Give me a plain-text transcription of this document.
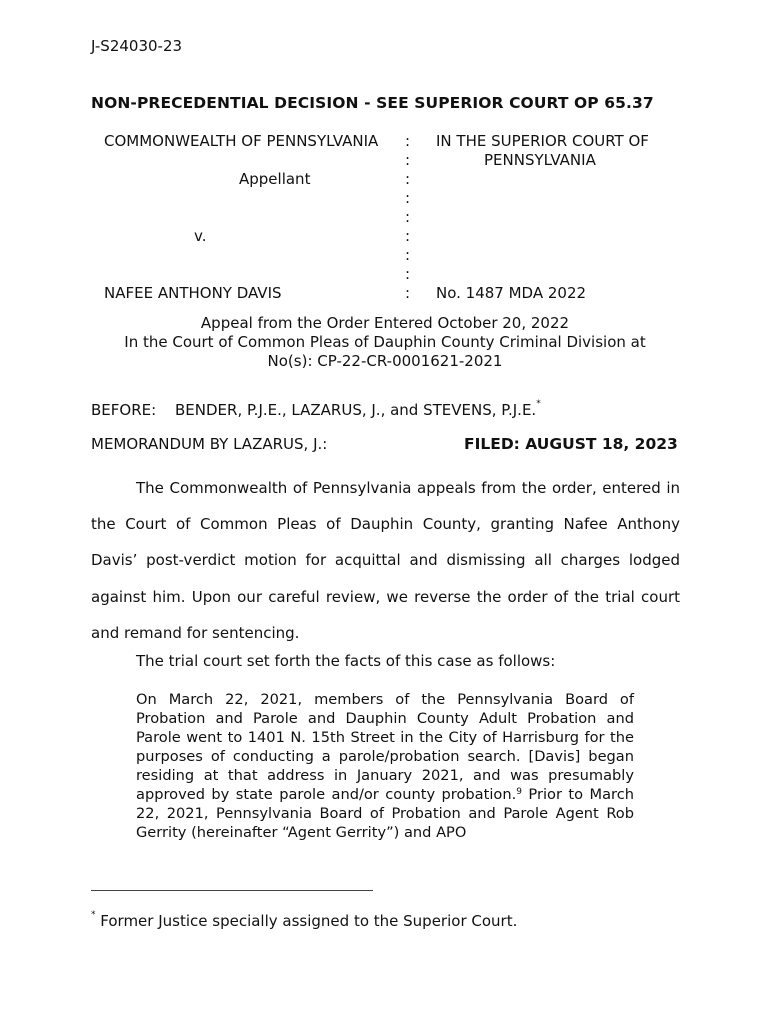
J-S24030-23
NON-PRECEDENTIAL DECISION - SEE SUPERIOR COURT OP 65.37
COMMONWEALTH OF PENNSYLVANIA
Appellant
v.
NAFEE ANTHONY DAVIS
:
:
:
:
:
:
:
:
:
IN THE SUPERIOR COURT OF
PENNSYLVANIA
No. 1487 MDA 2022
Appeal from the Order Entered October 20, 2022
In the Court of Common Pleas of Dauphin County Criminal Division at
No(s): CP-22-CR-0001621-2021
BEFORE: BENDER, P.J.E., LAZARUS, J., and STEVENS, P.J.E.*
MEMORANDUM BY LAZARUS, J.:	FILED: AUGUST 18, 2023
The Commonwealth of Pennsylvania appeals from the order, entered in the Court of Common Pleas of Dauphin County, granting Nafee Anthony Davis’ post-verdict motion for acquittal and dismissing all charges lodged against him. Upon our careful review, we reverse the order of the trial court and remand for sentencing.
The trial court set forth the facts of this case as follows:
On March 22, 2021, members of the Pennsylvania Board of Probation and Parole and Dauphin County Adult Probation and Parole went to 1401 N. 15th Street in the City of Harrisburg for the purposes of conducting a parole/probation search. [Davis] began residing at that address in January 2021, and was presumably approved by state parole and/or county probation.$^9$ Prior to March 22, 2021, Pennsylvania Board of Probation and Parole Agent Rob Gerrity (hereinafter “Agent Gerrity”) and APO
* Former Justice specially assigned to the Superior Court.
